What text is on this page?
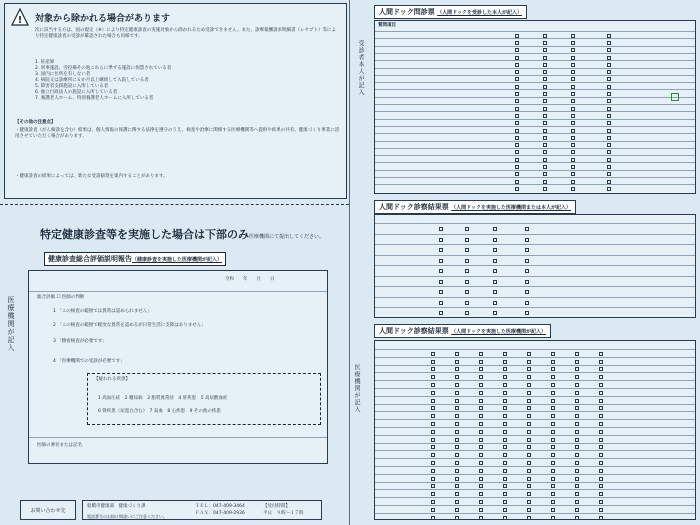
! 対象から除かれる場合があります
次に該当する方は、国の規定（※）により特定健康診査の実施対象から除かれるため受診できません。また、診療報酬請求明細書（レセプト）等により特定健康診査の受診が確認された場合も同様です。
1. 妊産婦
2. 刑事施設、労役場その他これらに準ずる施設に拘禁されている者
3. 国内に住所を有しない者
4. 病院又は診療所に６か月以上継続して入院している者
5. 障害者支援施設に入所している者
6. 独立行政法人の施設に入所している者
7. 養護老人ホーム、特別養護老人ホームに入所している者
【その他の注意点】
・健康診査（がん検診を含む）結果は、個人情報の保護に関する法律を遵守のうえ、検査や治療に関係する医療機関等へ提供や結果の共有、健康づくり事業に活用させていただく場合があります。
・健康診査の結果によっては、新たな受診勧奨を案内することがあります。
特定健康診査等を実施した場合は下部のみ医療機関にて提出してください。
健康診査総合評価説明報告（健康診査を実施した医療機関が記入）
医療機関が記入
令和　　年　　月　　日
総合評価 ☐ 医師の判断
1 「この検査の範囲では異常は認められません」
2 「この検査の範囲で軽度な異常を認めるが日常生活に支障はありません」
3 「精密検査が必要です」
4 「医療機関での受診が必要です」
【疑われる疾患】
1 高血圧症　 2 糖尿病　 3 脂質異常症　 4 肝疾患　 5 高尿酸血症
6 腎疾患（尿蛋白含む）　 7 貧血　 8 心疾患　 9 その他の疾患
医師の署名または記名
お問い合わせ先
船橋市健康部　健康づくり課	ＴＥＬ：047-409-3464
ＦＡＸ：047-409-2936
【受付時間】
平日　９時～１７時
電話番号のお掛け間違いにご注意ください。
人間ドック問診票 （人間ドックを受診した本人が記入）
受診者本人が記入
質問項目
人間ドック診察結果票 （人間ドックを実施した医療機関または本人が記入）
人間ドック診察結果票 （人間ドックを実施した医療機関が記入）
医療機関が記入
